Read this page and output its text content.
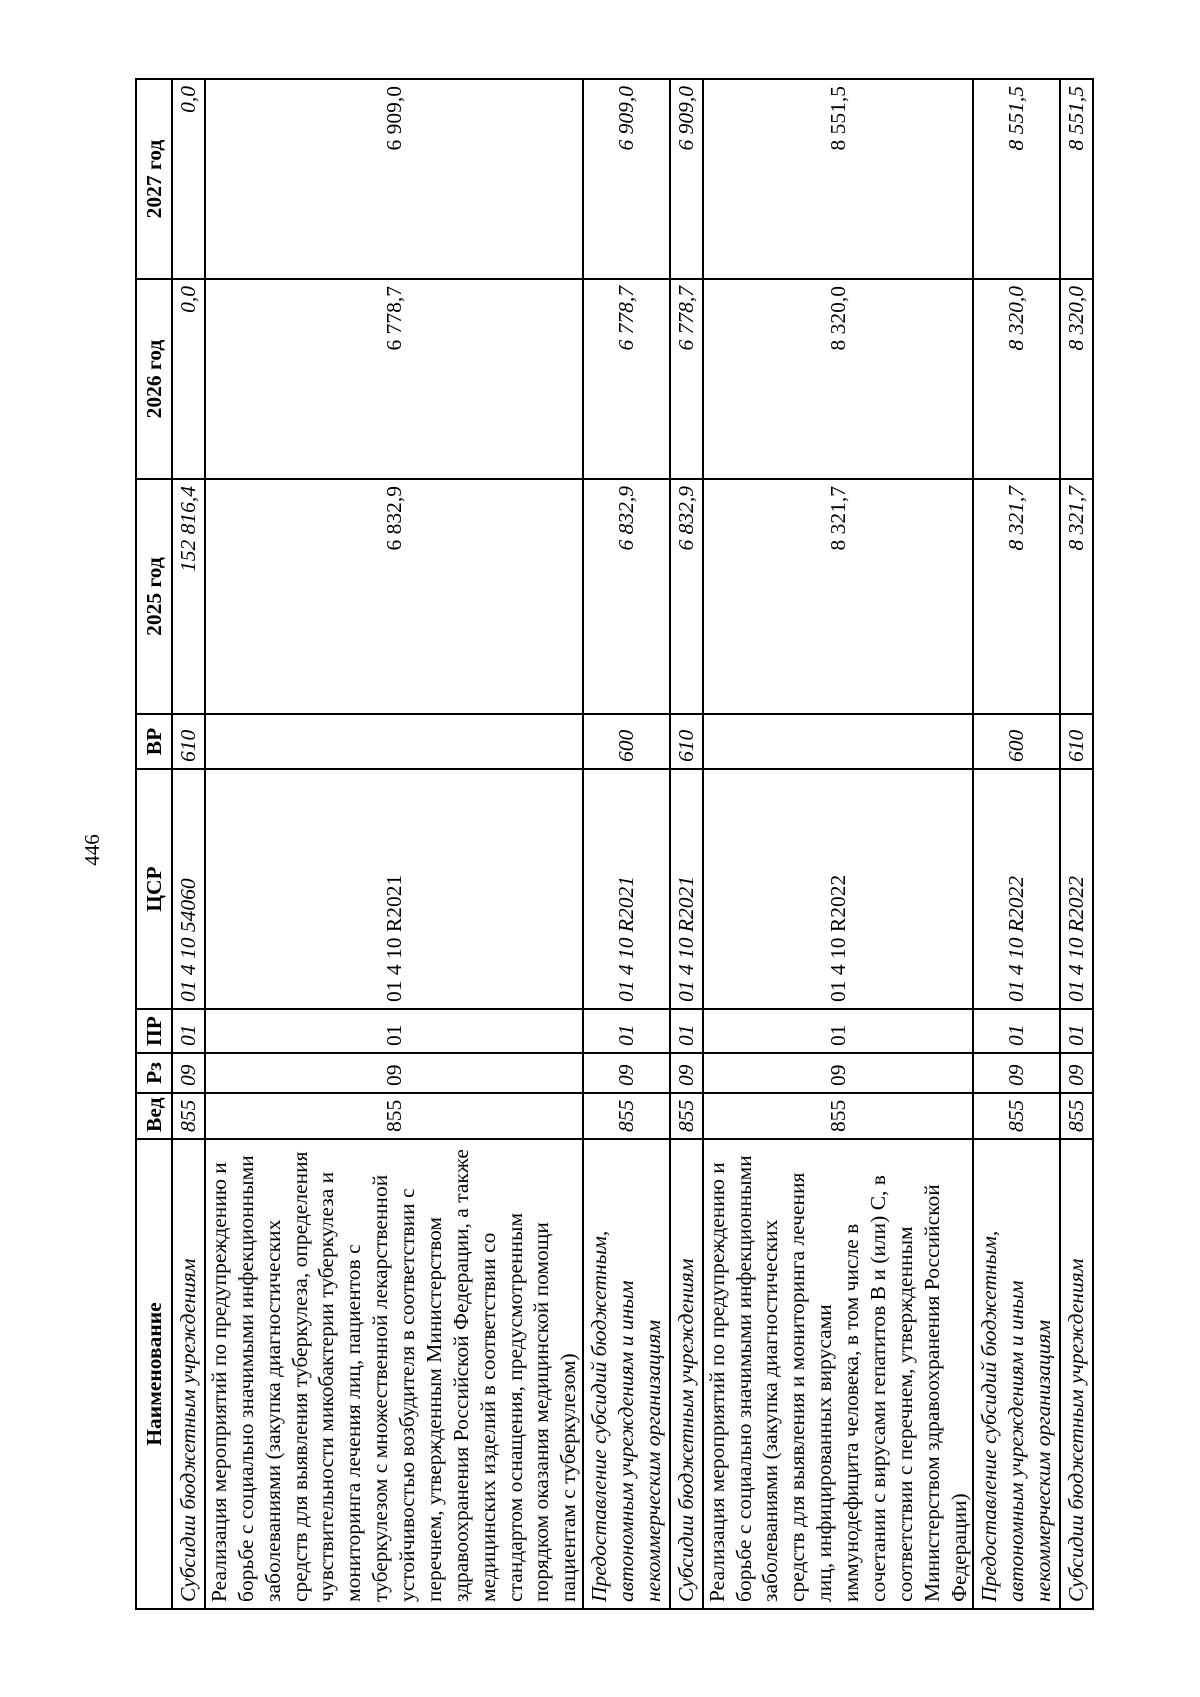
446
Наименование	Вед	Рз	ПР	ЦСР	ВР	2025 год	2026 год	2027 год
Субсидии бюджетным учреждениям	855	09	01	01 4 10 54060	610	152 816,4	0,0	0,0
Реализация мероприятий по предупреждению и борьбе с социально значимыми инфекционными заболеваниями (закупка диагностических средств для выявления туберкулеза, определения чувствительности микобактерии туберкулеза и мониторинга лечения лиц, пациентов с туберкулезом с множественной лекарственной устойчивостью возбудителя в соответствии с перечнем, утвержденным Министерством здравоохранения Российской Федерации, а также медицинских изделий в соответствии со стандартом оснащения, предусмотренным порядком оказания медицинской помощи пациентам с туберкулезом)	855	09	01	01 4 10 R2021		6 832,9	6 778,7	6 909,0
Предоставление субсидий бюджетным, автономным учреждениям и иным некоммерческим организациям	855	09	01	01 4 10 R2021	600	6 832,9	6 778,7	6 909,0
Субсидии бюджетным учреждениям	855	09	01	01 4 10 R2021	610	6 832,9	6 778,7	6 909,0
Реализация мероприятий по предупреждению и борьбе с социально значимыми инфекционными заболеваниями (закупка диагностических средств для выявления и мониторинга лечения лиц, инфицированных вирусами иммунодефицита человека, в том числе в сочетании с вирусами гепатитов B и (или) C, в соответствии с перечнем, утвержденным Министерством здравоохранения Российской Федерации)	855	09	01	01 4 10 R2022		8 321,7	8 320,0	8 551,5
Предоставление субсидий бюджетным, автономным учреждениям и иным некоммерческим организациям	855	09	01	01 4 10 R2022	600	8 321,7	8 320,0	8 551,5
Субсидии бюджетным учреждениям	855	09	01	01 4 10 R2022	610	8 321,7	8 320,0	8 551,5
